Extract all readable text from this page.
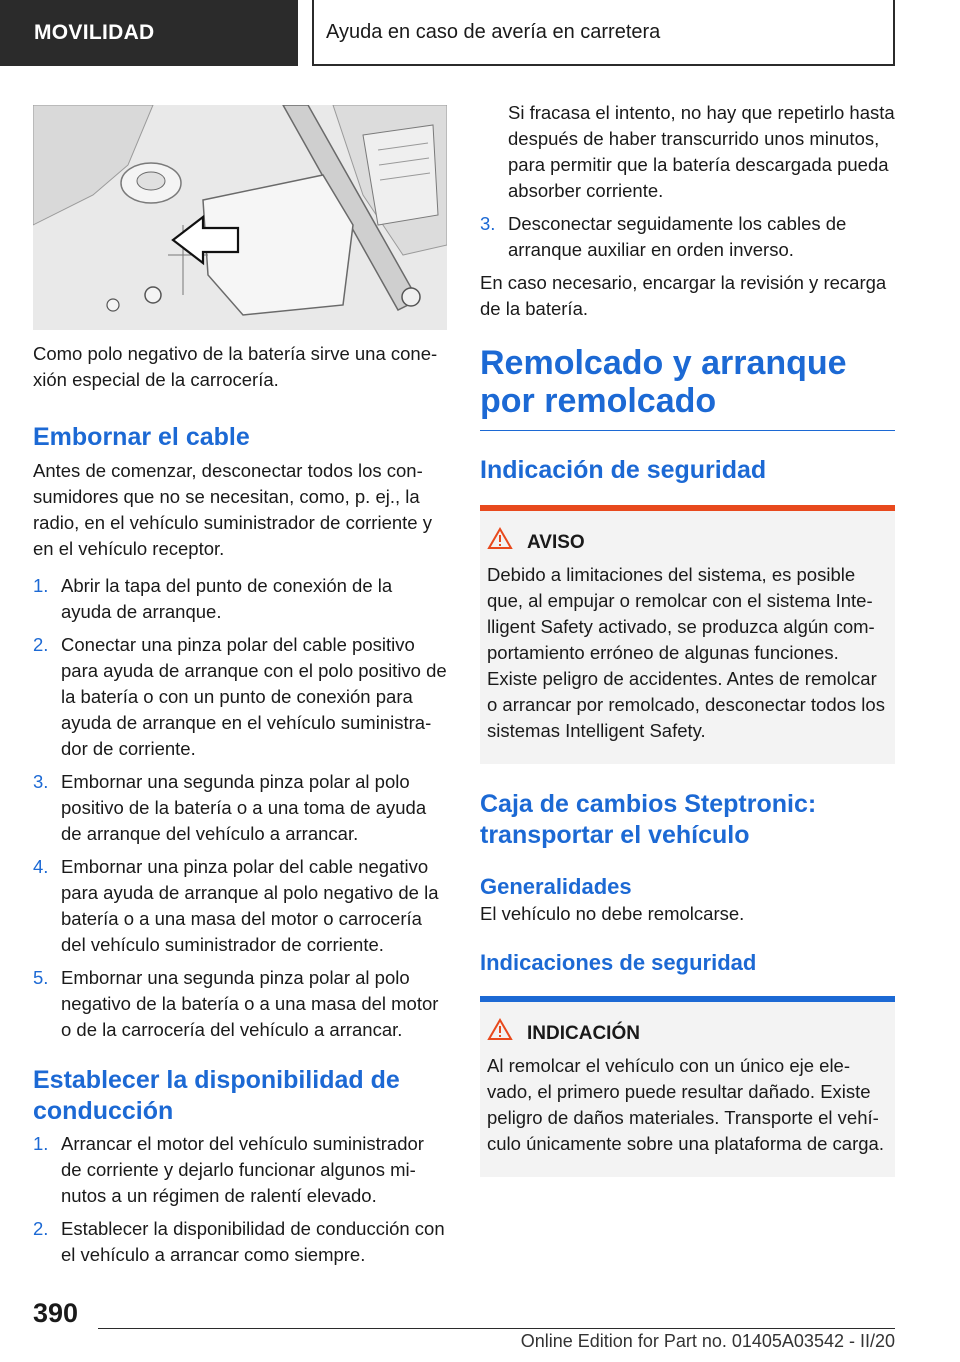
MOVILIDAD	Ayuda en caso de avería en carretera

Como polo negativo de la batería sirve una conexión especial de la carrocería.

Embornar el cable

Antes de comenzar, desconectar todos los consumidores que no se necesitan, como, p. ej., la radio, en el vehículo suministrador de corriente y en el vehículo receptor.

1. Abrir la tapa del punto de conexión de la ayuda de arranque.
2. Conectar una pinza polar del cable positivo para ayuda de arranque con el polo positivo de la batería o con un punto de conexión para ayuda de arranque en el vehículo suministrador de corriente.
3. Embornar una segunda pinza polar al polo positivo de la batería o a una toma de ayuda de arranque del vehículo a arrancar.
4. Embornar una pinza polar del cable negativo para ayuda de arranque al polo negativo de la batería o a una masa del motor o carrocería del vehículo suministrador de corriente.
5. Embornar una segunda pinza polar al polo negativo de la batería o a una masa del motor o de la carrocería del vehículo a arrancar.
Establecer la disponibilidad de conducción
1. Arrancar el motor del vehículo suministrador de corriente y dejarlo funcionar algunos minutos a un régimen de ralentí elevado.
2. Establecer la disponibilidad de conducción con el vehículo a arrancar como siempre.

Si fracasa el intento, no hay que repetirlo hasta después de haber transcurrido unos minutos, para permitir que la batería descargada pueda absorber corriente.

3. Desconectar seguidamente los cables de arranque auxiliar en orden inverso.

En caso necesario, encargar la revisión y recarga de la batería.

Remolcado y arranque por remolcado
Indicación de seguridad
AVISO

Debido a limitaciones del sistema, es posible que, al empujar o remolcar con el sistema Intelligent Safety activado, se produzca algún comportamiento erróneo de algunas funciones. Existe peligro de accidentes. Antes de remolcar o arrancar por remolcado, desconectar todos los sistemas Intelligent Safety.

Caja de cambios Steptronic: transportar el vehículo
Generalidades

El vehículo no debe remolcarse.

Indicaciones de seguridad
INDICACIÓN

Al remolcar el vehículo con un único eje elevado, el primero puede resultar dañado. Existe peligro de daños materiales. Transporte el vehículo únicamente sobre una plataforma de carga.

390
Online Edition for Part no. 01405A03542 - II/20
